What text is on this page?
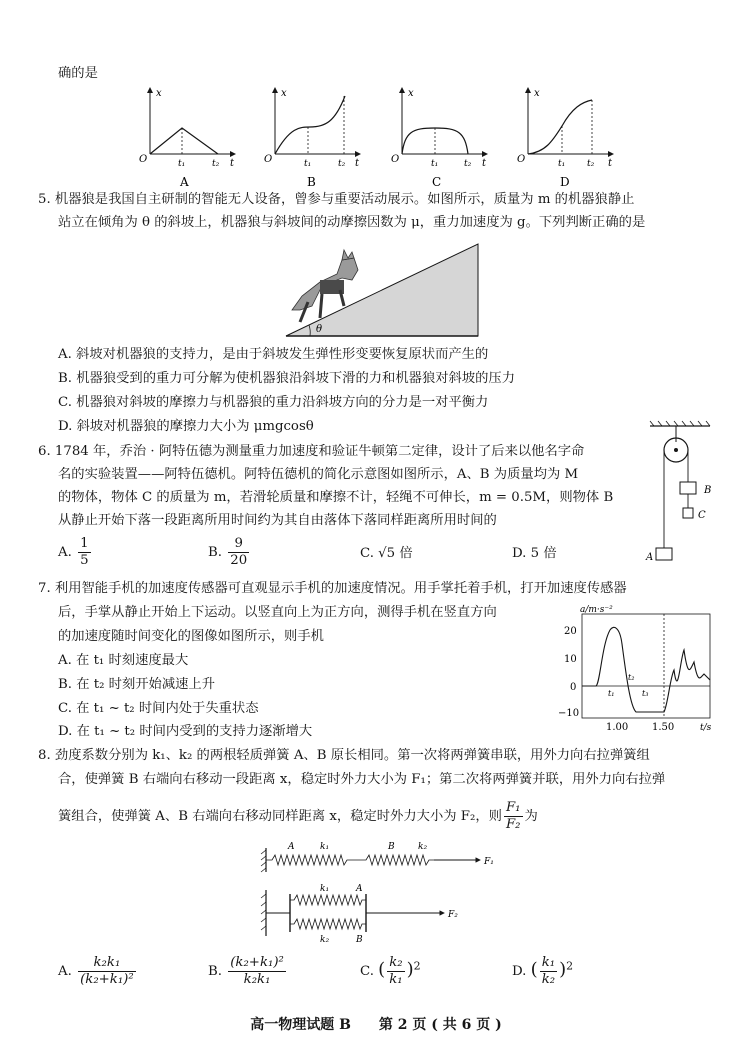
确的是
x
t
O	t₁	t₂
A
x
t
O	t₁	t₂
B
x
t
O	t₁	t₂
C
x
t
O	t₁ t₂
D
5. 机器狼是我国自主研制的智能无人设备，曾参与重要活动展示。如图所示，质量为 m 的机器狼静止
站立在倾角为 θ 的斜坡上，机器狼与斜坡间的动摩擦因数为 μ，重力加速度为 g。下列判断正确的是
θ
A. 斜坡对机器狼的支持力，是由于斜坡发生弹性形变要恢复原状而产生的
B. 机器狼受到的重力可分解为使机器狼沿斜坡下滑的力和机器狼对斜坡的压力
C. 机器狼对斜坡的摩擦力与机器狼的重力沿斜坡方向的分力是一对平衡力
D. 斜坡对机器狼的摩擦力大小为 μmgcosθ
6. 1784 年，乔治 · 阿特伍德为测量重力加速度和验证牛顿第二定律，设计了后来以他名字命
名的实验装置——阿特伍德机。阿特伍德机的简化示意图如图所示，A、B 为质量均为 M
的物体，物体 C 的质量为 m，若滑轮质量和摩擦不计，轻绳不可伸长，m = 0.5M，则物体 B
从静止开始下落一段距离所用时间约为其自由落体下落同样距离所用时间的
A. $\frac{1}{5}$	B. $\frac{9}{20}$	C. √5 倍	D. 5 倍
B
C
A
7. 利用智能手机的加速度传感器可直观显示手机的加速度情况。用手掌托着手机，打开加速度传感器
后，手掌从静止开始上下运动。以竖直向上为正方向，测得手机在竖直方向
的加速度随时间变化的图像如图所示，则手机
A. 在 t₁ 时刻速度最大
B. 在 t₂ 时刻开始减速上升
C. 在 t₁ ~ t₂ 时间内处于失重状态
D. 在 t₁ ~ t₂ 时间内受到的支持力逐渐增大
a/m·s⁻²
t/s
20
10
0
−10
1.00 1.50
t₁
t₂
t₃
8. 劲度系数分别为 k₁、k₂ 的两根轻质弹簧 A、B 原长相同。第一次将两弹簧串联，用外力向右拉弹簧组
合，使弹簧 B 右端向右移动一段距离 x，稳定时外力大小为 F₁；第二次将两弹簧并联，用外力向右拉弹
簧组合，使弹簧 A、B 右端向右移动同样距离 x，稳定时外力大小为 F₂，则 $\frac{\text{F₁}}{\text{F₂}}$ 为
A	k₁	B	k₂
F₁
k₁	A
k₂	B
F₂
A. $\frac{\text{k₂k₁}}{\text{(k₂+k₁)²}}$	B. $\frac{\text{(k₂+k₁)²}}{\text{k₂k₁}}$	C. ( $\frac{\text{k₂}}{\text{k₁}} )^2$	D. ( $\frac{\text{k₁}}{\text{k₂}} )^2$
高一物理试题 B　　第 2 页 ( 共 6 页 )
